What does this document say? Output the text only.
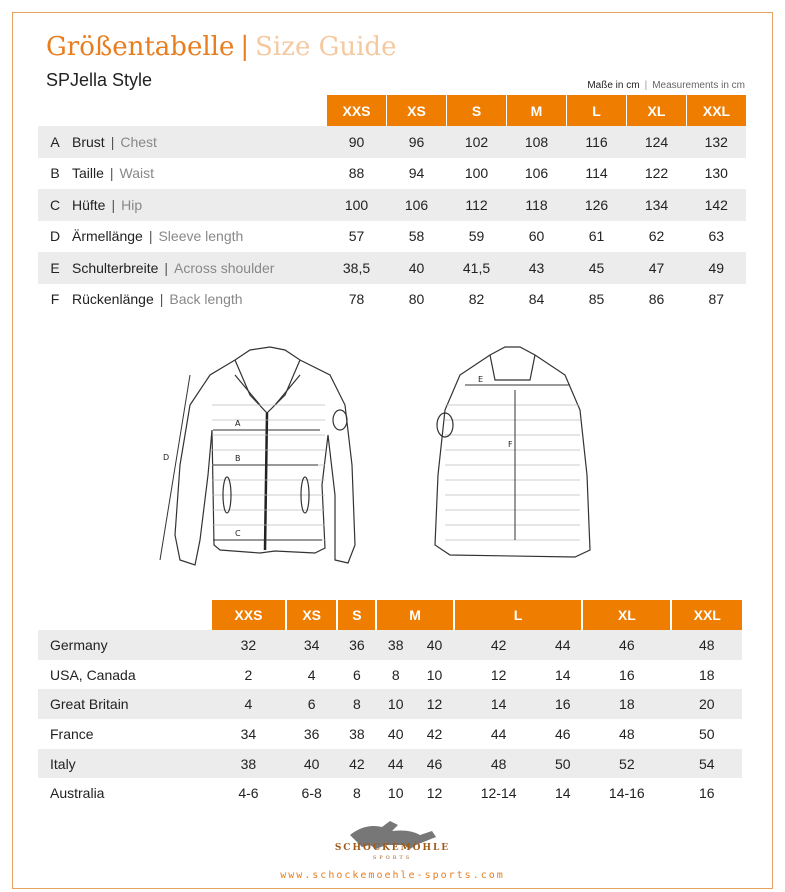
Größentabelle | Size Guide
SPJella Style	Maße in cm | Measurements in cm
		XXS	XS	S	M	L	XL	XXL
A	Brust | Chest	90	96	102	108	116	124	132
B	Taille | Waist	88	94	100	106	114	122	130
C	Hüfte | Hip	100	106	112	118	126	134	142
D	Ärmellänge | Sleeve length	57	58	59	60	61	62	63
E	Schulterbreite | Across shoulder	38,5	40	41,5	43	45	47	49
F	Rückenlänge | Back length	78	80	82	84	85	86	87
A
B
C
D
E
F
	XXS	XS	S	M		L		XL	XXL
Germany	32	34	36	38	40	42	44	46	48
USA, Canada	2	4	6	8	10	12	14	16	18
Great Britain	4	6	8	10	12	14	16	18	20
France	34	36	38	40	42	44	46	48	50
Italy	38	40	42	44	46	48	50	52	54
Australia	4-6	6-8	8	10	12	12-14	14	14-16	16
SCHOCKEMÖHLE
SPORTS
www.schockemoehle-sports.com
